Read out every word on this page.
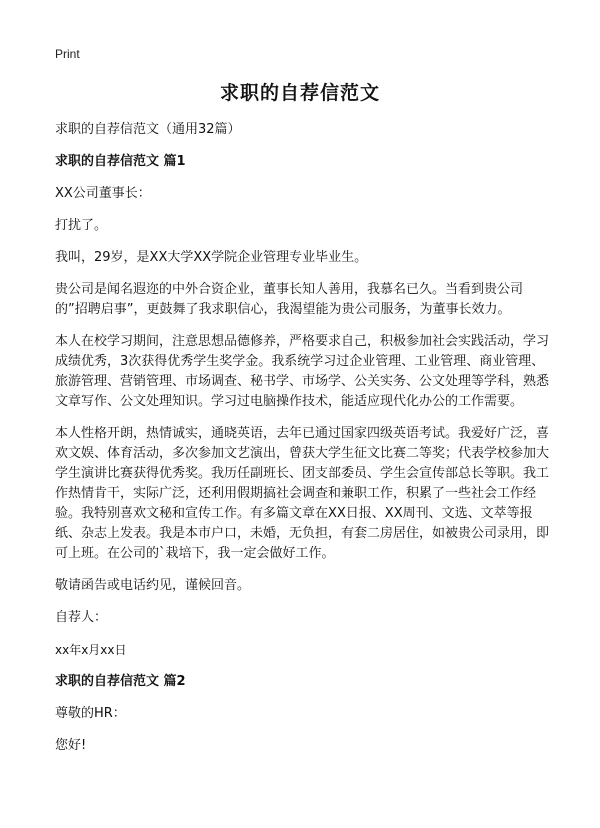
Print
求职的自荐信范文

求职的自荐信范文（通用32篇）

求职的自荐信范文 篇1

XX公司董事长：

打扰了。

我叫，29岁，是XX大学XX学院企业管理专业毕业生。

贵公司是闻名遐迩的中外合资企业，董事长知人善用，我慕名已久。当看到贵公司的”招聘启事”，更鼓舞了我求职信心，我渴望能为贵公司服务，为董事长效力。

本人在校学习期间，注意思想品德修养，严格要求自己，积极参加社会实践活动，学习成绩优秀，3次获得优秀学生奖学金。我系统学习过企业管理、工业管理、商业管理、旅游管理、营销管理、市场调查、秘书学、市场学、公关实务、公文处理等学科，熟悉文章写作、公文处理知识。学习过电脑操作技术，能适应现代化办公的工作需要。

本人性格开朗，热情诚实，通晓英语，去年已通过国家四级英语考试。我爱好广泛，喜欢文娱、体育活动，多次参加文艺演出，曾获大学生征文比赛二等奖；代表学校参加大学生演讲比赛获得优秀奖。我历任副班长、团支部委员、学生会宣传部总长等职。我工作热情肯干，实际广泛，还利用假期搞社会调查和兼职工作，积累了一些社会工作经验。我特别喜欢文秘和宣传工作。有多篇文章在XX日报、XX周刊、文选、文萃等报纸、杂志上发表。我是本市户口，未婚，无负担，有套二房居住，如被贵公司录用，即可上班。在公司的`栽培下，我一定会做好工作。

敬请函告或电话约见，谨候回音。

自荐人：

xx年x月xx日

求职的自荐信范文 篇2

尊敬的HR：

您好!
